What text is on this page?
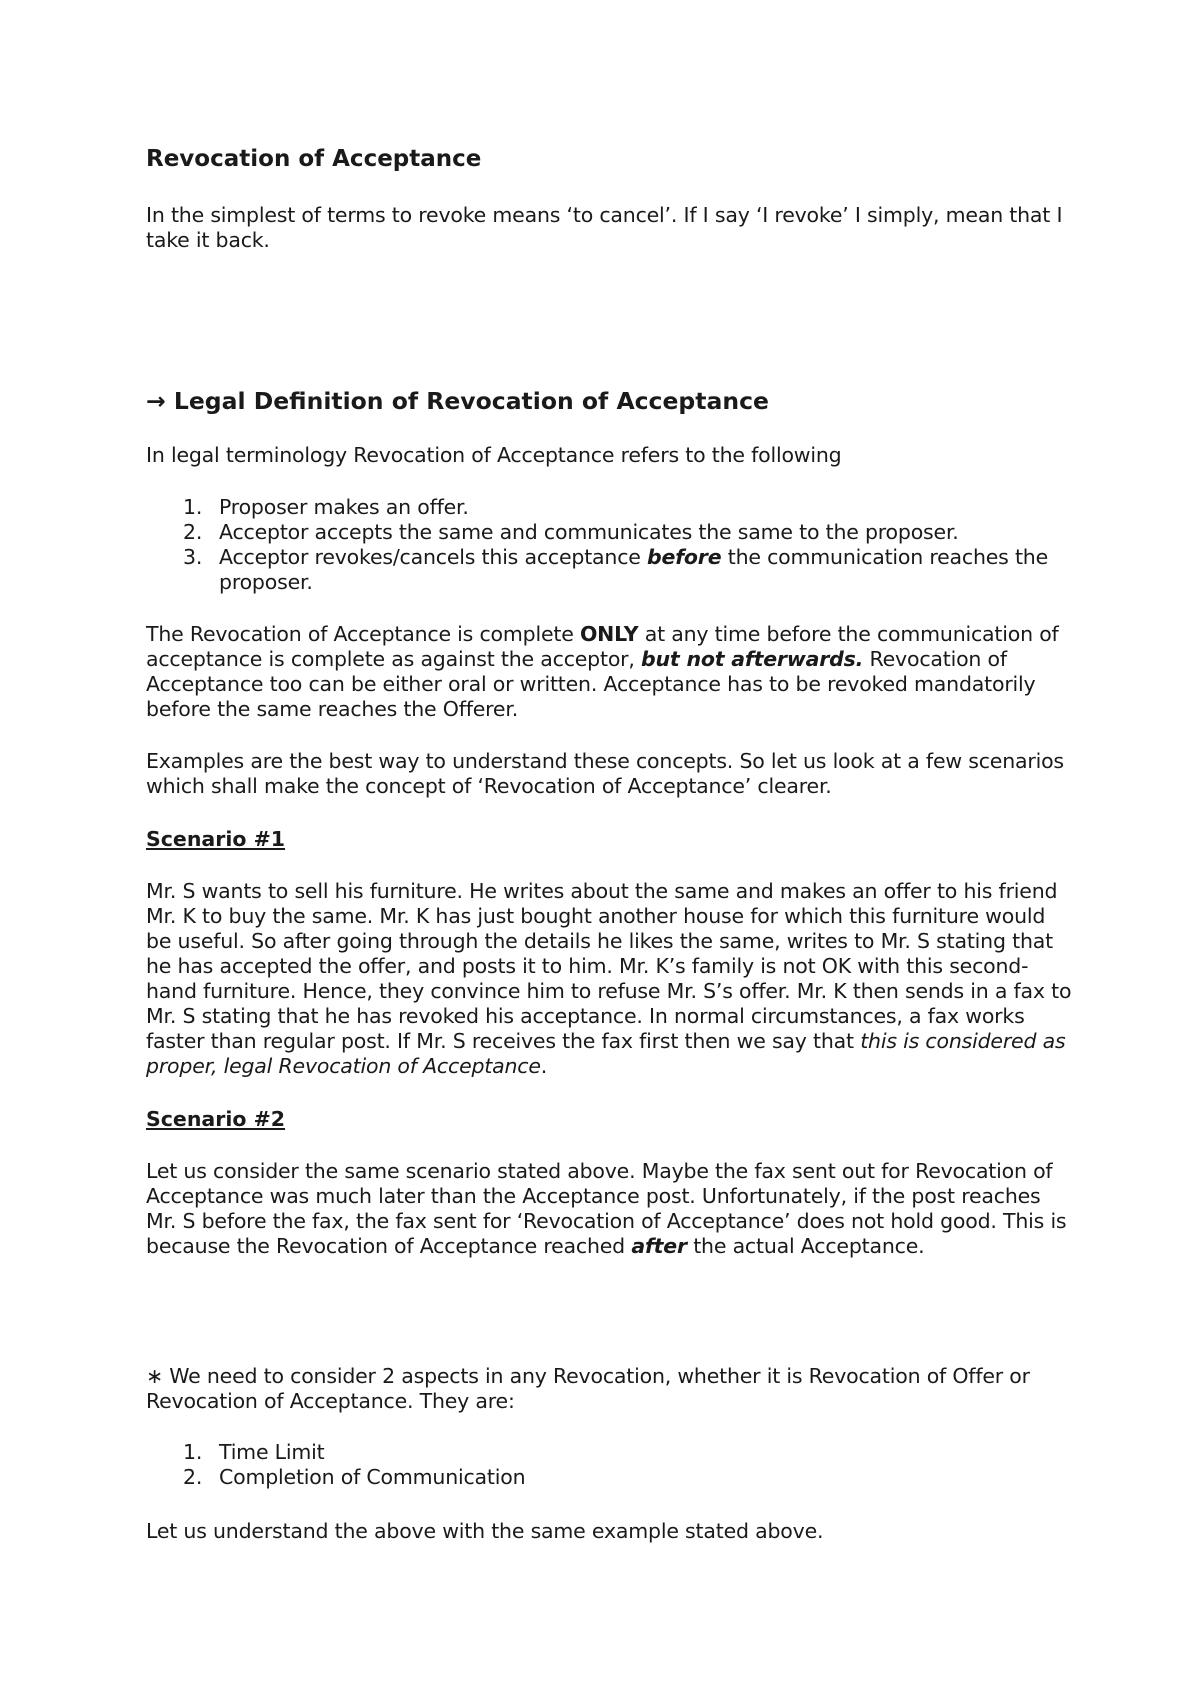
Revocation of Acceptance

In the simplest of terms to revoke means ‘to cancel’. If I say ‘I revoke’ I simply, mean that I take it back.

→ Legal Definition of Revocation of Acceptance

In legal terminology Revocation of Acceptance refers to the following

1. Proposer makes an offer.
2. Acceptor accepts the same and communicates the same to the proposer.
3. Acceptor revokes/cancels this acceptance before the communication reaches the proposer.

The Revocation of Acceptance is complete ONLY at any time before the communication of acceptance is complete as against the acceptor, but not afterwards. Revocation of Acceptance too can be either oral or written. Acceptance has to be revoked mandatorily before the same reaches the Offerer.

Examples are the best way to understand these concepts. So let us look at a few scenarios which shall make the concept of ‘Revocation of Acceptance’ clearer.

Scenario #1

Mr. S wants to sell his furniture. He writes about the same and makes an offer to his friend Mr. K to buy the same. Mr. K has just bought another house for which this furniture would be useful. So after going through the details he likes the same, writes to Mr. S stating that he has accepted the offer, and posts it to him. Mr. K’s family is not OK with this second-hand furniture. Hence, they convince him to refuse Mr. S’s offer. Mr. K then sends in a fax to Mr. S stating that he has revoked his acceptance. In normal circumstances, a fax works faster than regular post. If Mr. S receives the fax first then we say that this is considered as proper, legal Revocation of Acceptance.

Scenario #2

Let us consider the same scenario stated above. Maybe the fax sent out for Revocation of Acceptance was much later than the Acceptance post. Unfortunately, if the post reaches Mr. S before the fax, the fax sent for ‘Revocation of Acceptance’ does not hold good. This is because the Revocation of Acceptance reached after the actual Acceptance.

∗ We need to consider 2 aspects in any Revocation, whether it is Revocation of Offer or Revocation of Acceptance. They are:

1. Time Limit
2. Completion of Communication

Let us understand the above with the same example stated above.
